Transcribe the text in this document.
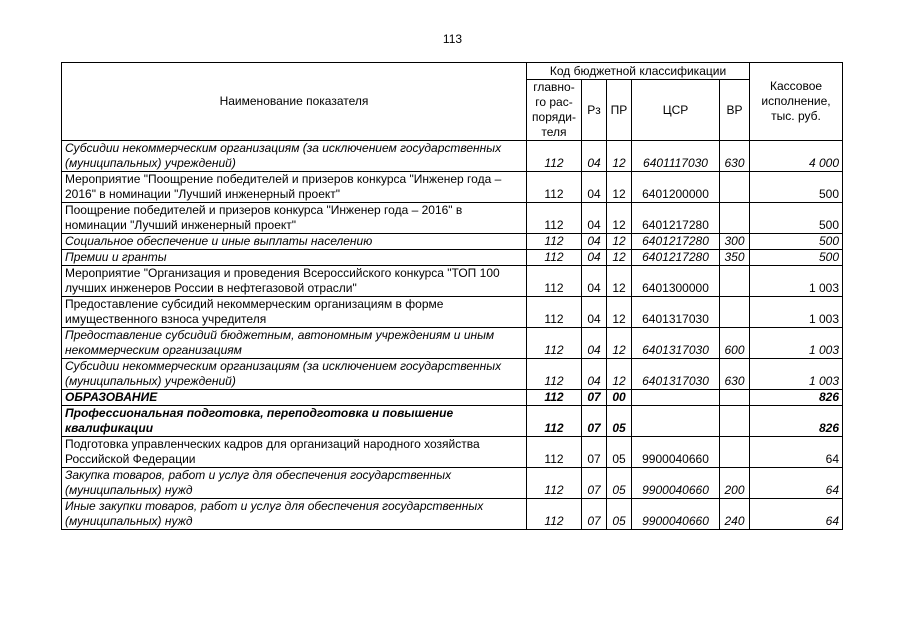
113
Наименование показателя	Код бюджетной классификации					Кассовое исполнение, тыс. руб.
	главно-го рас-поряди-теля	Рз	ПР	ЦСР	ВР	
Субсидии некоммерческим организациям (за исключением государственных (муниципальных) учреждений)	112	04	12	6401117030	630	4 000
Мероприятие "Поощрение победителей и призеров конкурса "Инженер года – 2016" в номинации "Лучший инженерный проект"	112	04	12	6401200000		500
Поощрение победителей и призеров конкурса "Инженер года – 2016" в номинации "Лучший инженерный проект"	112	04	12	6401217280		500
Социальное обеспечение и иные выплаты населению	112	04	12	6401217280	300	500
Премии и гранты	112	04	12	6401217280	350	500
Мероприятие "Организация и проведения Всероссийского конкурса "ТОП 100 лучших инженеров России в нефтегазовой отрасли"	112	04	12	6401300000		1 003
Предоставление субсидий некоммерческим организациям в форме имущественного взноса учредителя	112	04	12	6401317030		1 003
Предоставление субсидий бюджетным, автономным учреждениям и иным некоммерческим организациям	112	04	12	6401317030	600	1 003
Субсидии некоммерческим организациям (за исключением государственных (муниципальных) учреждений)	112	04	12	6401317030	630	1 003
ОБРАЗОВАНИЕ	112	07	00			826
Профессиональная подготовка, переподготовка и повышение квалификации	112	07	05			826
Подготовка управленческих кадров для организаций народного хозяйства Российской Федерации	112	07	05	9900040660		64
Закупка товаров, работ и услуг для обеспечения государственных (муниципальных) нужд	112	07	05	9900040660	200	64
Иные закупки товаров, работ и услуг для обеспечения государственных (муниципальных) нужд	112	07	05	9900040660	240	64
